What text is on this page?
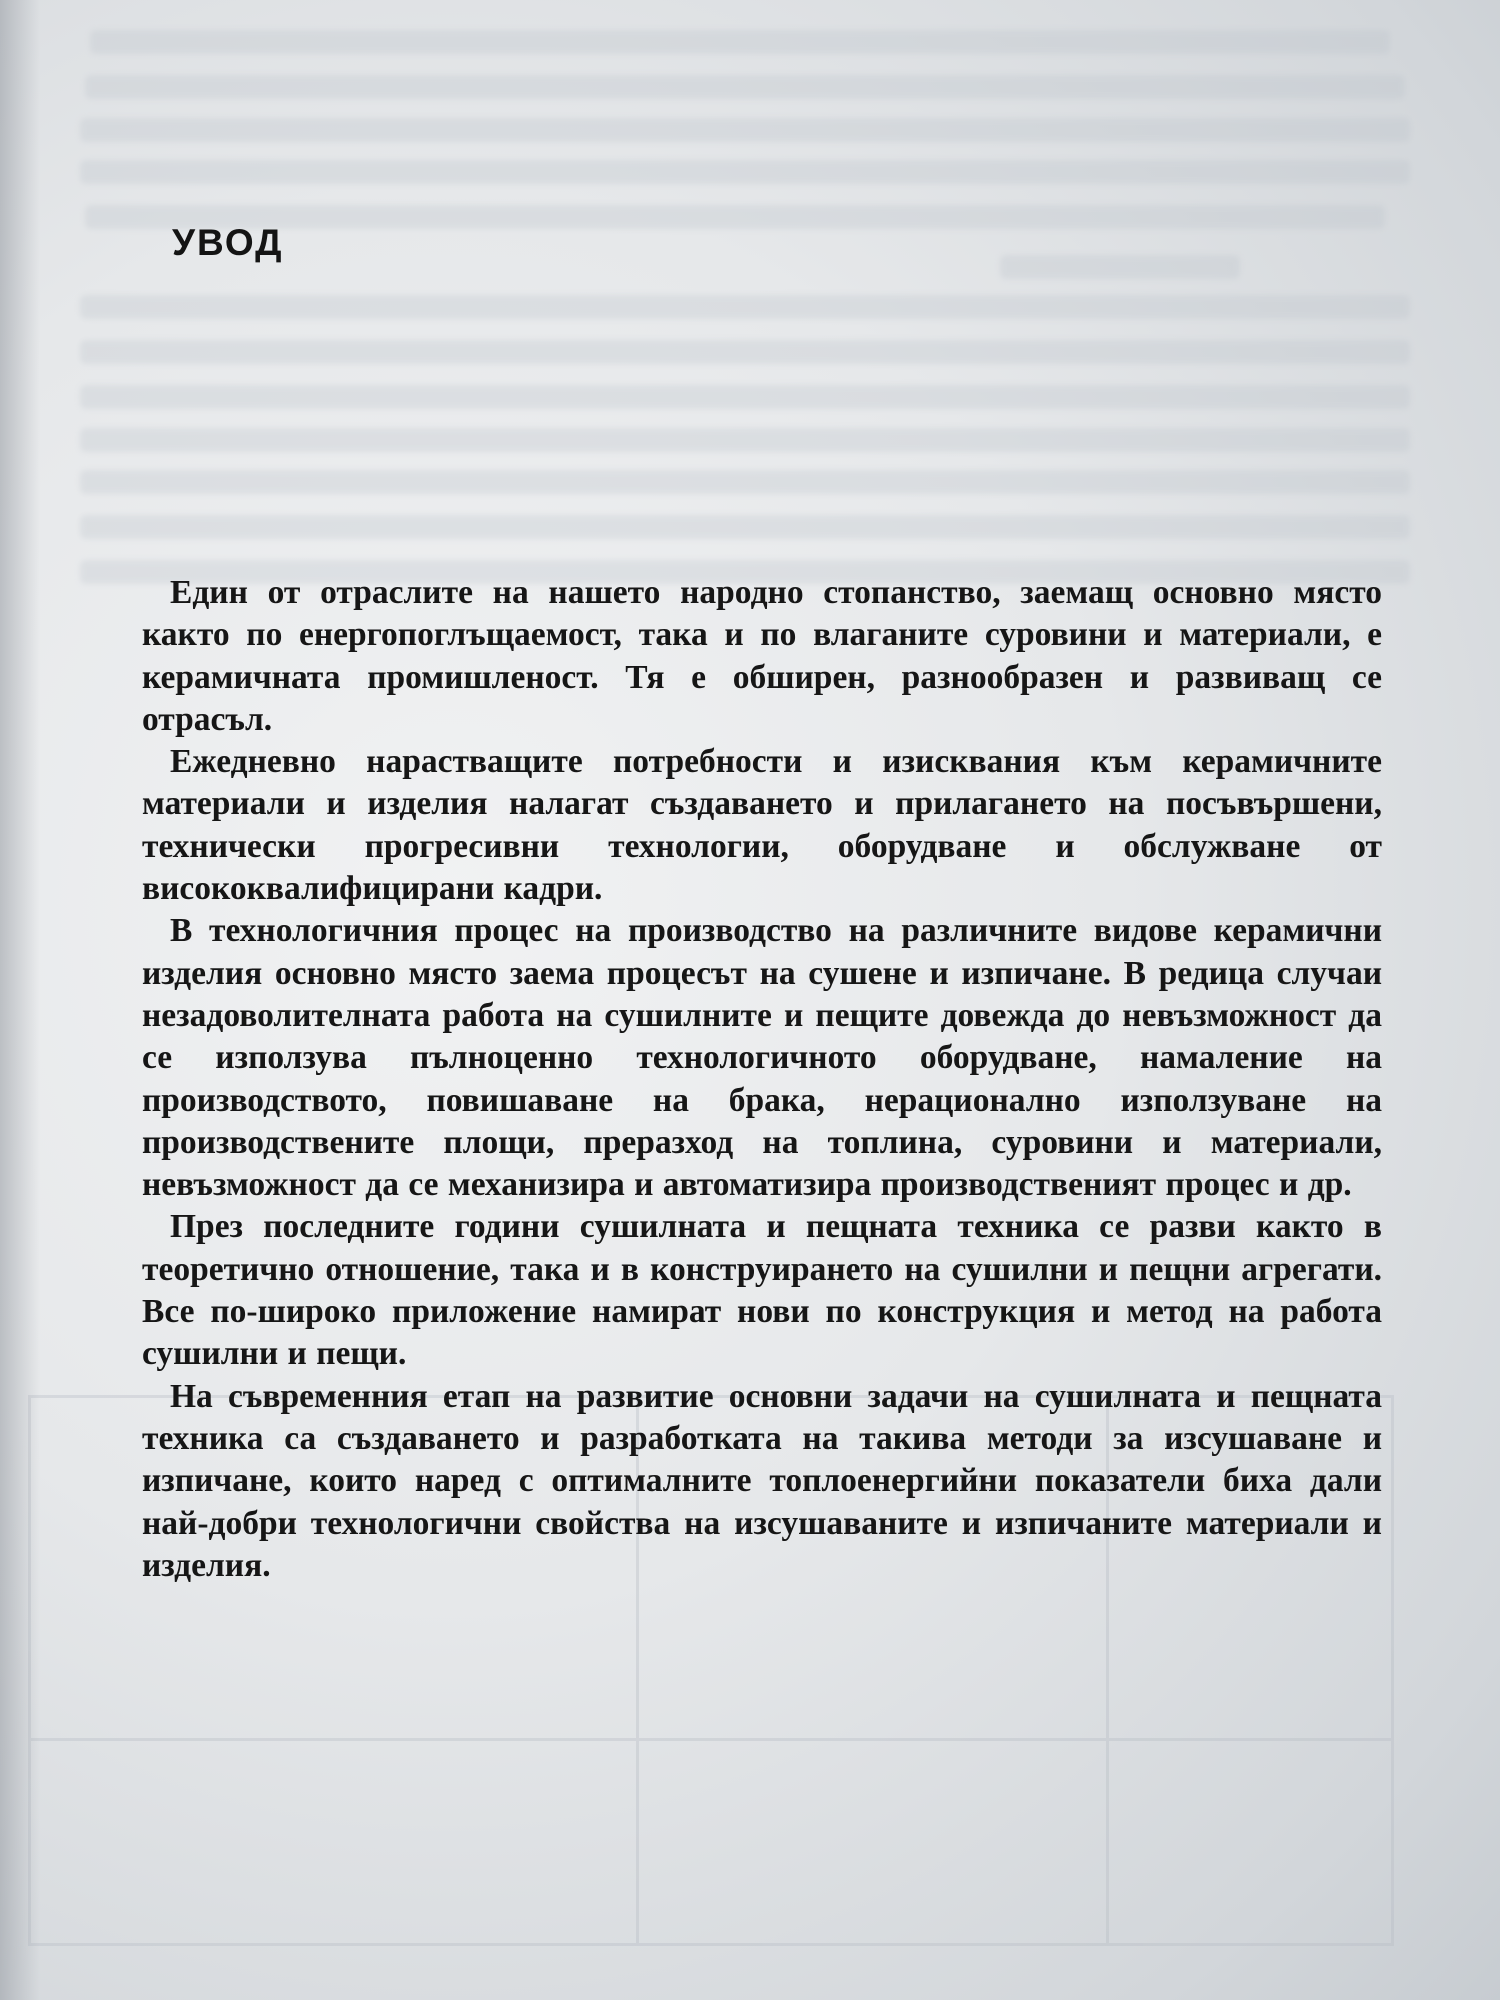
УВОД

Един от отраслите на нашето народно стопанство, заемащ основно място както по енергопоглъщаемост, така и по влаганите суровини и материали, е керамичната промишленост. Тя е обширен, разнообразен и развиващ се отрасъл.

Ежедневно нарастващите потребности и изисквания към керамичните материали и изделия налагат създаването и прилагането на посъвършени, технически прогресивни технологии, оборудване и обслужване от висококвалифицирани кадри.

В технологичния процес на производство на различните видове керамични изделия основно място заема процесът на сушене и изпичане. В редица случаи незадоволителната работа на сушилните и пещите довежда до невъзможност да се използува пълноценно технологичното оборудване, намаление на производството, повишаване на брака, нерационално използуване на производствените площи, преразход на топлина, суровини и материали, невъзможност да се механизира и автоматизира производственият процес и др.

През последните години сушилната и пещната техника се разви както в теоретично отношение, така и в конструирането на сушилни и пещни агрегати. Все по-широко приложение намират нови по конструкция и метод на работа сушилни и пещи.

На съвременния етап на развитие основни задачи на сушилната и пещната техника са създаването и разработката на такива методи за изсушаване и изпичане, които наред с оптималните топлоенергийни показатели биха дали най-добри технологични свойства на изсушаваните и изпичаните материали и изделия.
